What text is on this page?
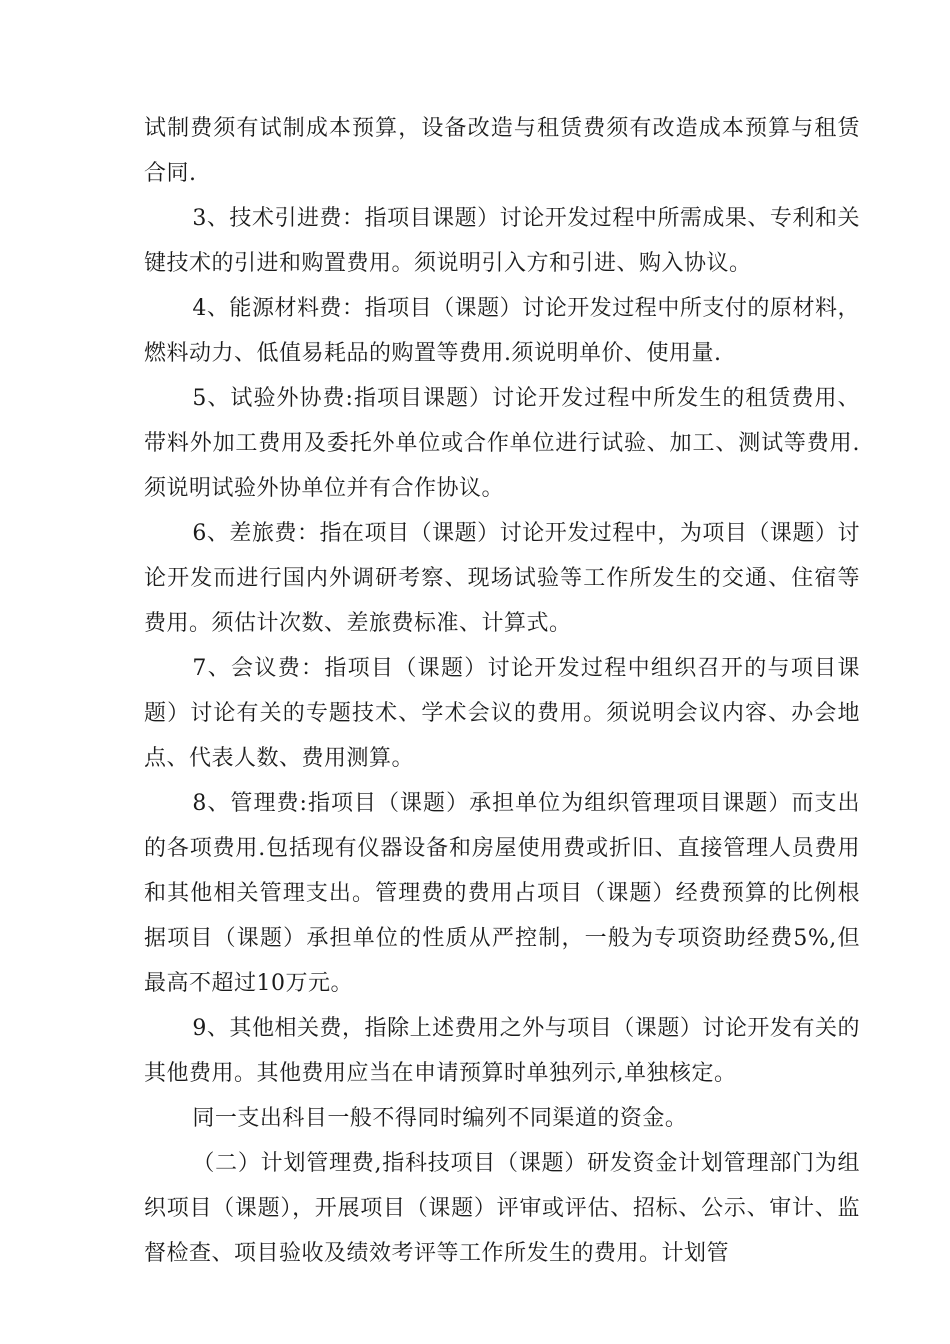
试制费须有试制成本预算，设备改造与租赁费须有改造成本预算与租赁合同.

3、技术引进费：指项目课题）讨论开发过程中所需成果、专利和关键技术的引进和购置费用。须说明引入方和引进、购入协议。

4、能源材料费：指项目（课题）讨论开发过程中所支付的原材料，燃料动力、低值易耗品的购置等费用.须说明单价、使用量.

5、试验外协费:指项目课题）讨论开发过程中所发生的租赁费用、带料外加工费用及委托外单位或合作单位进行试验、加工、测试等费用.须说明试验外协单位并有合作协议。

6、差旅费：指在项目（课题）讨论开发过程中，为项目（课题）讨论开发而进行国内外调研考察、现场试验等工作所发生的交通、住宿等费用。须估计次数、差旅费标准、计算式。

7、会议费：指项目（课题）讨论开发过程中组织召开的与项目课题）讨论有关的专题技术、学术会议的费用。须说明会议内容、办会地点、代表人数、费用测算。

8、管理费:指项目（课题）承担单位为组织管理项目课题）而支出的各项费用.包括现有仪器设备和房屋使用费或折旧、直接管理人员费用和其他相关管理支出。管理费的费用占项目（课题）经费预算的比例根据项目（课题）承担单位的性质从严控制，一般为专项资助经费5%,但最高不超过10万元。

9、其他相关费，指除上述费用之外与项目（课题）讨论开发有关的其他费用。其他费用应当在申请预算时单独列示,单独核定。

同一支出科目一般不得同时编列不同渠道的资金。

（二）计划管理费,指科技项目（课题）研发资金计划管理部门为组织项目（课题），开展项目（课题）评审或评估、招标、公示、审计、监督检查、项目验收及绩效考评等工作所发生的费用。计划管
